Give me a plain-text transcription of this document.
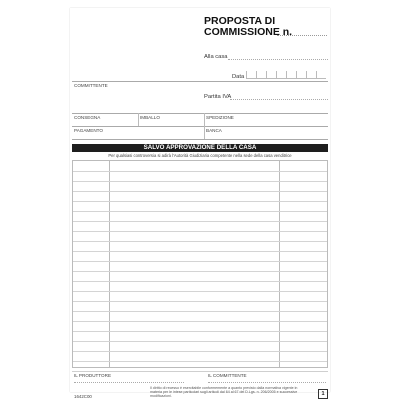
PROPOSTA DI
COMMISSIONE n.
Alla casa
Data
COMMITTENTE
Partita IVA
CONSEGNA	IMBALLO	SPEDIZIONE
PAGAMENTO	BANCA
SALVO APPROVAZIONE DELLA CASA
Per qualsiasi controversia si adirà l'Autorità Giudiziaria competente nella sede della casa venditrice
IL PRODUTTORE	IL COMMITTENTE
Il diritto di recesso è esercitabile conformemente a quanto previsto dalla normativa vigente in materia per le intese particolari sugli articoli dal 64 al 67 del D.Lgs. n. 206/2005 e successive modificazioni.
1642C00	1
